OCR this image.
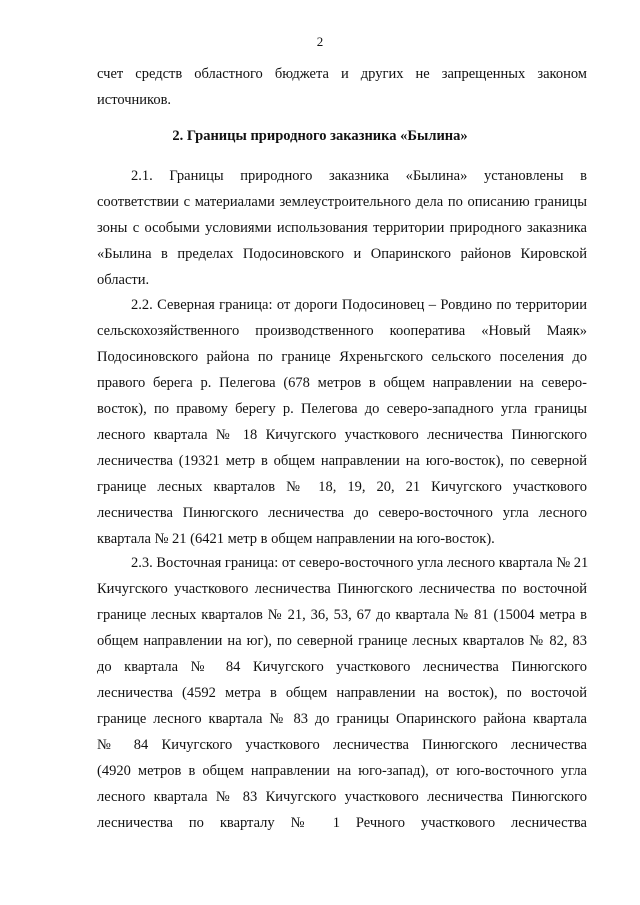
2
счет средств областного бюджета и других не запрещенных законом
источников.
2. Границы природного заказника «Былина»
2.1. Границы природного заказника «Былина» установлены в
соответствии с материалами землеустроительного дела по описанию границы
зоны с особыми условиями использования территории природного заказника
«Былина в пределах Подосиновского и Опаринского районов Кировской
области.
2.2. Северная граница: от дороги Подосиновец – Ровдино по территории
сельскохозяйственного производственного кооператива «Новый Маяк»
Подосиновского района по границе Яхреньгского сельского поселения до
правого берега р. Пелегова (678 метров в общем направлении на северо-
восток), по правому берегу р. Пелегова до северо-западного угла границы
лесного квартала № 18 Кичугского участкового лесничества Пинюгского
лесничества (19321 метр в общем направлении на юго-восток), по северной
границе лесных кварталов № 18, 19, 20, 21 Кичугского участкового
лесничества Пинюгского лесничества до северо-восточного угла лесного
квартала № 21 (6421 метр в общем направлении на юго-восток).
2.3. Восточная граница: от северо-восточного угла лесного квартала № 21
Кичугского участкового лесничества Пинюгского лесничества по восточной
границе лесных кварталов № 21, 36, 53, 67 до квартала № 81 (15004 метра в
общем направлении на юг), по северной границе лесных кварталов № 82, 83
до квартала № 84 Кичугского участкового лесничества Пинюгского
лесничества (4592 метра в общем направлении на восток), по восточой
границе лесного квартала № 83 до границы Опаринского района квартала
№ 84 Кичугского участкового лесничества Пинюгского лесничества
(4920 метров в общем направлении на юго-запад), от юго-восточного угла
лесного квартала № 83 Кичугского участкового лесничества Пинюгского
лесничества по кварталу № 1 Речного участкового лесничества
